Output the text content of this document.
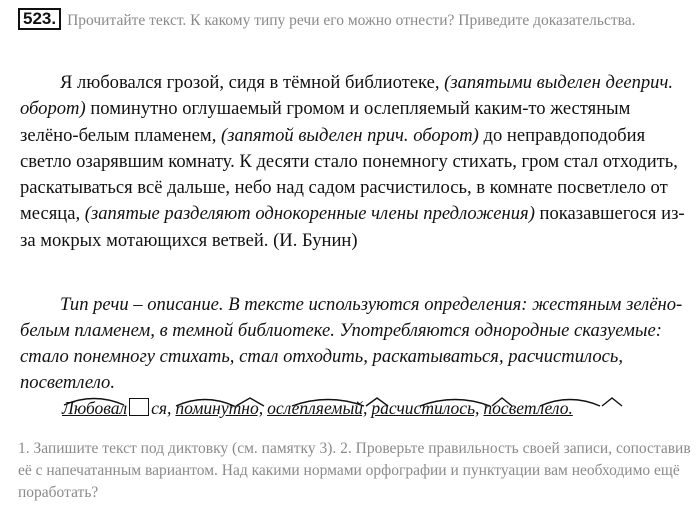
523. Прочитайте текст. К какому типу речи его можно отнести? Приведите доказательства.
Я любовался грозой, сидя в тёмной библиотеке, (запятыми выделен дееприч. оборот) поминутно оглушаемый громом и ослепляемый каким-то жестяным зелёно-белым пламенем, (запятой выделен прич. оборот) до неправдоподобия светло озарявшим комнату. К десяти стало понемногу стихать, гром стал отходить, раскатываться всё дальше, небо над садом расчистилось, в комнате посветлело от месяца, (запятые разделяют однокоренные члены предложения) показавшегося из-за мокрых мотающихся ветвей. (И. Бунин)
Тип речи – описание. В тексте используются определения: жестяным зелёно-белым пламенем, в темной библиотеке. Употребляются однородные сказуемые: стало понемногу стихать, стал отходить, раскатываться, расчистилось, посветлело.
Любовал ся, поминутно, ослепляемый, расчистилось, посветлело.
1. Запишите текст под диктовку (см. памятку 3). 2. Проверьте правильность своей записи, сопоставив её с напечатанным вариантом. Над какими нормами орфографии и пунктуации вам необходимо ещё поработать?
